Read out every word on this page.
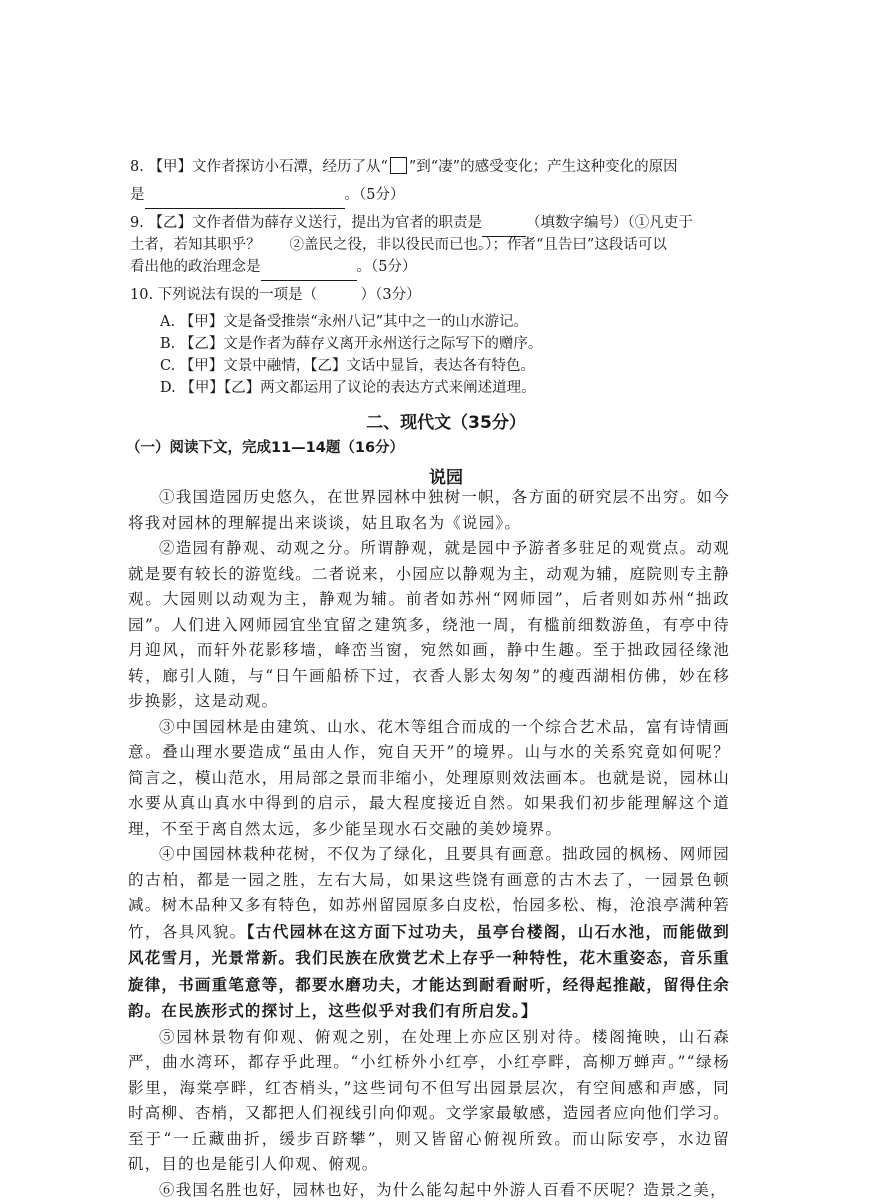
8. 【甲】文作者探访小石潭，经历了从“ ”到“凄”的感受变化；产生这种变化的原因
是	。（5分）
9. 【乙】文作者借为薛存义送行，提出为官者的职责是	（填数字编号）（①凡吏于
土者，若知其职乎？　　②盖民之役，非以役民而已也。）；作者“且告曰”这段话可以
看出他的政治理念是	。（5分）
10. 下列说法有误的一项是（　　　）（3分）
A. 【甲】文是备受推崇“永州八记”其中之一的山水游记。
B. 【乙】文是作者为薛存义离开永州送行之际写下的赠序。
C. 【甲】文景中融情，【乙】文话中显旨，表达各有特色。
D. 【甲】【乙】两文都运用了议论的表达方式来阐述道理。
二、现代文（35分）
（一）阅读下文，完成11—14题（16分）
说园

①我国造园历史悠久，在世界园林中独树一帜，各方面的研究层不出穷。如今将我对园林的理解提出来谈谈，姑且取名为《说园》。

②造园有静观、动观之分。所谓静观，就是园中予游者多驻足的观赏点。动观就是要有较长的游览线。二者说来，小园应以静观为主，动观为辅，庭院则专主静观。大园则以动观为主，静观为辅。前者如苏州“网师园”，后者则如苏州“拙政园”。人们进入网师园宜坐宜留之建筑多，绕池一周，有槛前细数游鱼，有亭中待月迎风，而轩外花影移墙，峰峦当窗，宛然如画，静中生趣。至于拙政园径缘池转，廊引人随，与“日午画船桥下过，衣香人影太匆匆”的瘦西湖相仿佛，妙在移步换影，这是动观。

③中国园林是由建筑、山水、花木等组合而成的一个综合艺术品，富有诗情画意。叠山理水要造成“虽由人作，宛自天开”的境界。山与水的关系究竟如何呢？简言之，模山范水，用局部之景而非缩小，处理原则效法画本。也就是说，园林山水要从真山真水中得到的启示，最大程度接近自然。如果我们初步能理解这个道理，不至于离自然太远，多少能呈现水石交融的美妙境界。

④中国园林栽种花树，不仅为了绿化，且要具有画意。拙政园的枫杨、网师园的古柏，都是一园之胜，左右大局，如果这些饶有画意的古木去了，一园景色顿减。树木品种又多有特色，如苏州留园原多白皮松，怡园多松、梅，沧浪亭满种箬竹，各具风貌。【古代园林在这方面下过功夫，虽亭台楼阁，山石水池，而能做到风花雪月，光景常新。我们民族在欣赏艺术上存乎一种特性，花木重姿态，音乐重旋律，书画重笔意等，都要水磨功夫，才能达到耐看耐听，经得起推敲，留得住余韵。在民族形式的探讨上，这些似乎对我们有所启发。】

⑤园林景物有仰观、俯观之别，在处理上亦应区别对待。楼阁掩映，山石森严，曲水湾环，都存乎此理。“小红桥外小红亭，小红亭畔，高柳万蝉声。”“绿杨影里，海棠亭畔，红杏梢头，”这些词句不但写出园景层次，有空间感和声感，同时高柳、杏梢，又都把人们视线引向仰观。文学家最敏感，造园者应向他们学习。至于“一丘藏曲折，缓步百跻攀”，则又皆留心俯视所致。而山际安亭，水边留矶，目的也是能引人仰观、俯观。

⑥我国名胜也好，园林也好，为什么能勾起中外游人百看不厌呢？造景之美，
